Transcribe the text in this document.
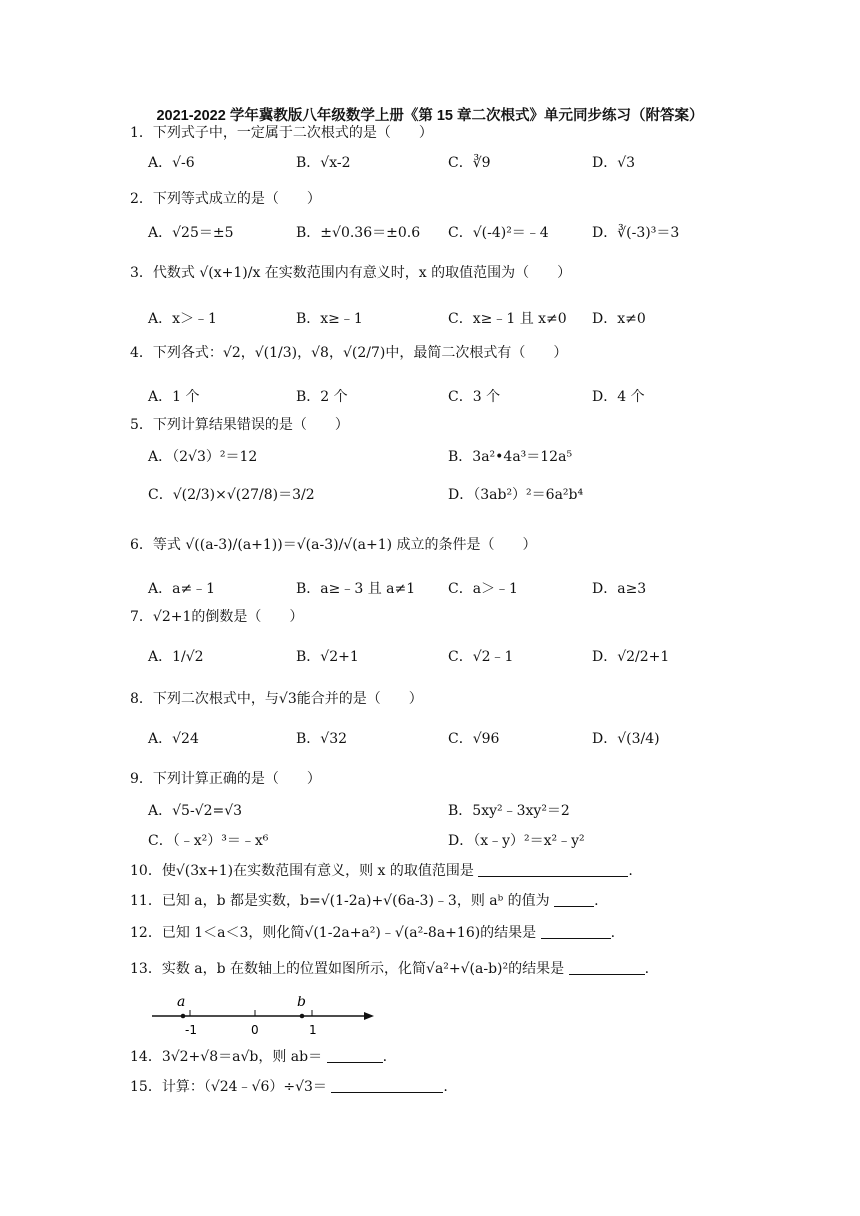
2021-2022 学年冀教版八年级数学上册《第 15 章二次根式》单元同步练习（附答案）
1．下列式子中，一定属于二次根式的是（　　）
A．√-6	B．√x-2	C．∛9	D．√3
2．下列等式成立的是（　　）
A．√25＝±5	B．±√0.36＝±0.6 C．√(-4)²＝﹣4	D．∛(-3)³＝3
3．代数式 √(x+1)/x 在实数范围内有意义时，x 的取值范围为（　　）
A．x＞﹣1	B．x≥﹣1	C．x≥﹣1 且 x≠0 D．x≠0
4．下列各式：√2，√(1/3)，√8，√(2/7)中，最简二次根式有（　　）
A．1 个	B．2 个	C．3 个	D．4 个
5．下列计算结果错误的是（　　）
A．（2√3）²＝12	B．3a²•4a³＝12a⁵
C．√(2/3)×√(27/8)＝3/2	D．（3ab²）²＝6a²b⁴
6．等式 √((a-3)/(a+1))＝√(a-3)/√(a+1) 成立的条件是（　　）
A．a≠﹣1	B．a≥﹣3 且 a≠1 C．a＞﹣1	D．a≥3
7．√2+1的倒数是（　　）
A．1/√2	B．√2+1	C．√2﹣1	D．√2/2+1
8．下列二次根式中，与√3能合并的是（　　）
A．√24	B．√32	C．√96	D．√(3/4)
9．下列计算正确的是（　　）
A．√5-√2=√3	B．5xy²﹣3xy²＝2
C．（﹣x²）³＝﹣x⁶	D．（x﹣y）²＝x²﹣y²
10．使√(3x+1)在实数范围有意义，则 x 的取值范围是	.
11．已知 a，b 都是实数，b=√(1-2a)+√(6a-3)﹣3，则 aᵇ 的值为	.
12．已知 1＜a＜3，则化简√(1-2a+a²)﹣√(a²-8a+16)的结果是	.
13．实数 a，b 在数轴上的位置如图所示，化简√a²+√(a-b)²的结果是	.
a	b
-1	0	1
14．3√2+√8＝a√b，则 ab＝	.
15．计算：（√24﹣√6）÷√3＝	.
